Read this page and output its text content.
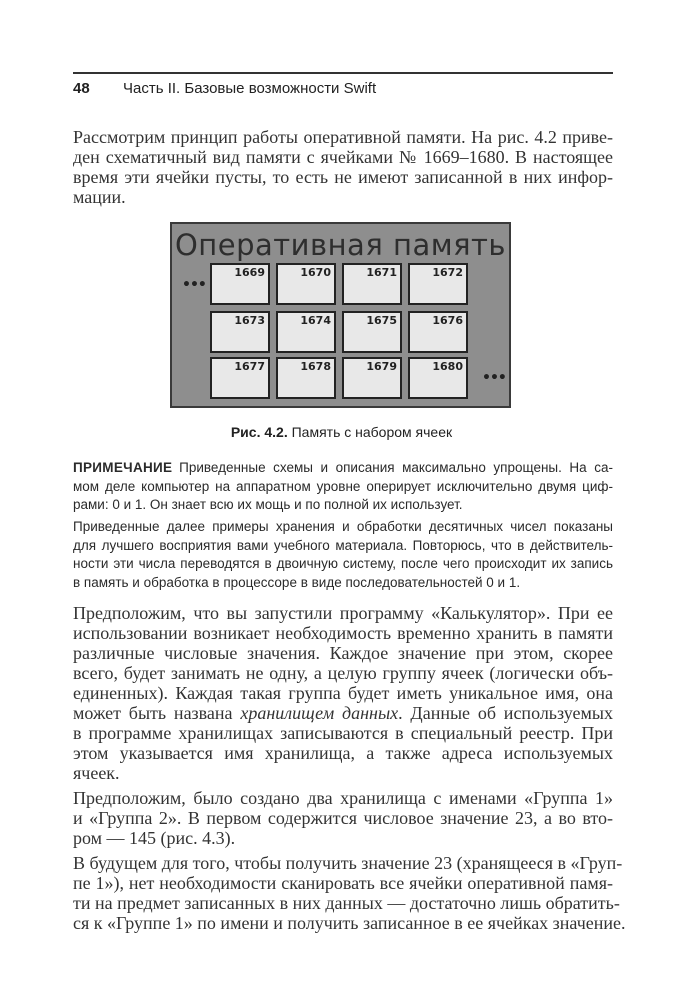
48 Часть II. Базовые возможности Swift
Рассмотрим принцип работы оперативной памяти. На рис. 4.2 приве-
ден схематичный вид памяти с ячейками № 1669–1680. В настоящее
время эти ячейки пусты, то есть не имеют записанной в них инфор-
мации.
Оперативная память
•••
•••
1669	1670	1671	1672
1673	1674	1675	1676
1677	1678	1679	1680
Рис. 4.2. Память с набором ячеек
ПРИМЕЧАНИЕ  Приведенные схемы и описания максимально упрощены. На са-
мом деле компьютер на аппаратном уровне оперирует исключительно двумя циф-
рами: 0 и 1. Он знает всю их мощь и по полной их использует.
Приведенные далее примеры хранения и обработки десятичных чисел показаны
для лучшего восприятия вами учебного материала. Повторюсь, что в действитель-
ности эти числа переводятся в двоичную систему, после чего происходит их запись
в память и обработка в процессоре в виде последовательностей 0 и 1.
Предположим, что вы запустили программу «Калькулятор». При ее
использовании возникает необходимость временно хранить в памяти
различные числовые значения. Каждое значение при этом, скорее
всего, будет занимать не одну, а целую группу ячеек (логически объ-
единенных). Каждая такая группа будет иметь уникальное имя, она
может быть названа хранилищем данных. Данные об используемых
в программе хранилищах записываются в специальный реестр. При
этом указывается имя хранилища, а также адреса используемых
ячеек.
Предположим, было создано два хранилища с именами «Группа 1»
и «Группа 2». В первом содержится числовое значение 23, а во вто-
ром — 145 (рис. 4.3).
В будущем для того, чтобы получить значение 23 (хранящееся в «Груп-
пе 1»), нет необходимости сканировать все ячейки оперативной памя-
ти на предмет записанных в них данных — достаточно лишь обратить-
ся к «Группе 1» по имени и получить записанное в ее ячейках значение.
